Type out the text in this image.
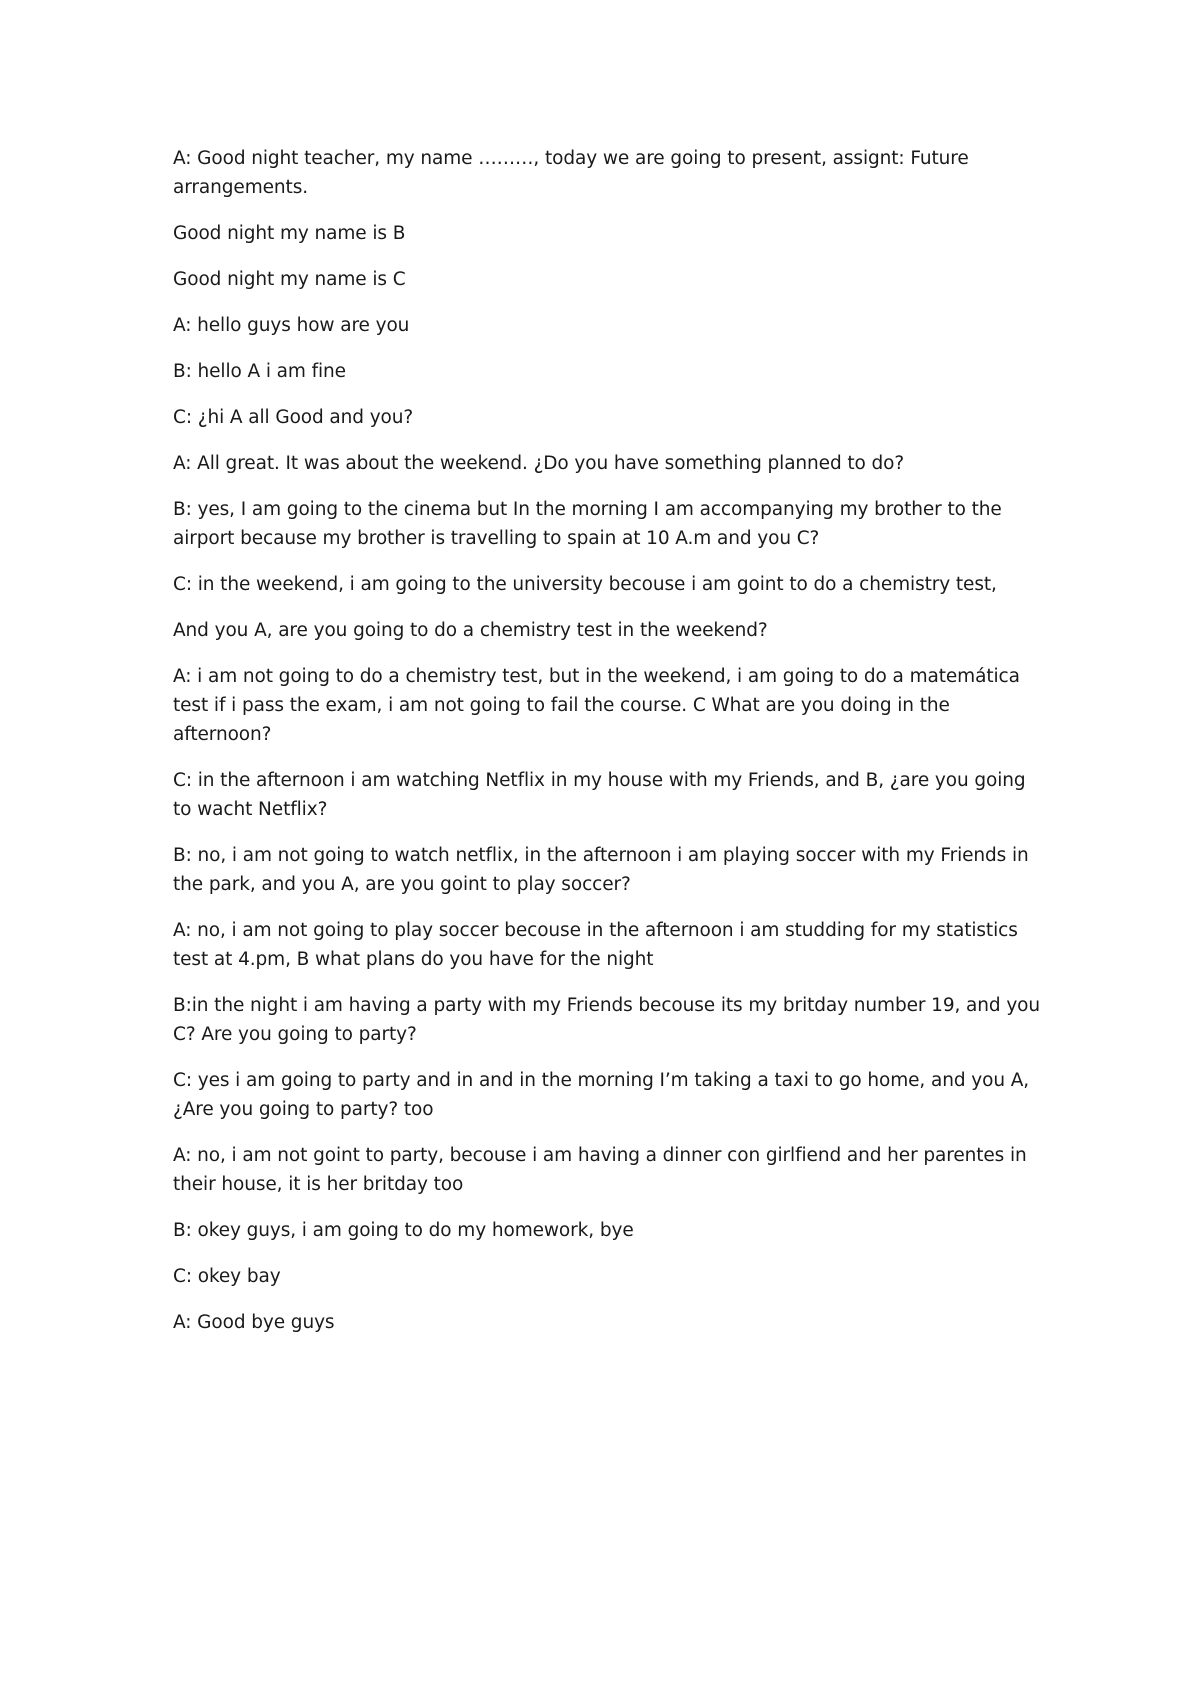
A: Good night teacher, my name ………, today we are going to present, assignt: Future arrangements.

Good night my name is B

Good night my name is C

A: hello guys how are you

B: hello A i am fine

C: ¿hi A all Good and you?

A: All great. It was about the weekend. ¿Do you have something planned to do?

B: yes, I am going to the cinema but In the morning I am accompanying my brother to the airport because my brother is travelling to spain at 10 A.m and you C?

C: in the weekend, i am going to the university becouse i am goint to do a chemistry test,

And you A, are you going to do a chemistry test in the weekend?

A: i am not going to do a chemistry test, but in the weekend, i am going to do a matemática test if i pass the exam, i am not going to fail the course. C What are you doing in the afternoon?

C: in the afternoon i am watching Netflix in my house with my Friends, and B, ¿are you going to wacht Netflix?

B: no, i am not going to watch netflix, in the afternoon i am playing soccer with my Friends in the park, and you A, are you goint to play soccer?

A: no, i am not going to play soccer becouse in the afternoon i am studding for my statistics test at 4.pm, B what plans do you have for the night

B:in the night i am having a party with my Friends becouse its my britday number 19, and you C? Are you going to party?

C: yes i am going to party and in and in the morning I’m taking a taxi to go home, and you A, ¿Are you going to party? too

A: no, i am not goint to party, becouse i am having a dinner con girlfiend and her parentes in their house, it is her britday too

B: okey guys, i am going to do my homework, bye

C: okey bay

A: Good bye guys
